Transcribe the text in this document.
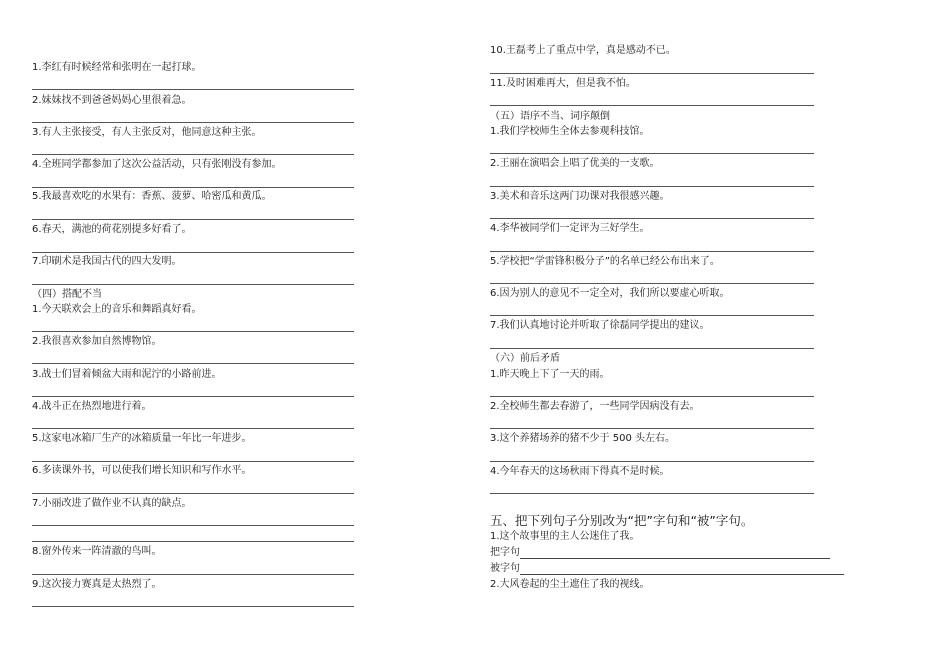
1.李红有时候经常和张明在一起打球。
2.妹妹找不到爸爸妈妈心里很着急。
3.有人主张接受，有人主张反对，他同意这种主张。
4.全班同学都参加了这次公益活动，只有张刚没有参加。
5.我最喜欢吃的水果有：香蕉、菠萝、哈密瓜和黄瓜。
6.春天，满池的荷花别提多好看了。
7.印刷术是我国古代的四大发明。
（四）搭配不当
1.今天联欢会上的音乐和舞蹈真好看。
2.我很喜欢参加自然博物馆。
3.战士们冒着倾盆大雨和泥泞的小路前进。
4.战斗正在热烈地进行着。
5.这家电冰箱厂生产的冰箱质量一年比一年进步。
6.多读课外书，可以使我们增长知识和写作水平。
7.小丽改进了做作业不认真的缺点。
8.窗外传来一阵清澈的鸟叫。
9.这次接力赛真是太热烈了。
10.王磊考上了重点中学，真是感动不已。
11.及时困难再大，但是我不怕。
（五）语序不当、词序颠倒
1.我们学校师生全体去参观科技馆。
2.王丽在演唱会上唱了优美的一支歌。
3.美术和音乐这两门功课对我很感兴趣。
4.李华被同学们一定评为三好学生。
5.学校把“学雷锋积极分子”的名单已经公布出来了。
6.因为别人的意见不一定全对，我们所以要虚心听取。
7.我们认真地讨论并听取了徐磊同学提出的建议。
（六）前后矛盾
1.昨天晚上下了一天的雨。
2.全校师生都去春游了，一些同学因病没有去。
3.这个养猪场养的猪不少于 500 头左右。
4.今年春天的这场秋雨下得真不是时候。
五、把下列句子分别改为“把”字句和“被”字句。
1.这个故事里的主人公迷住了我。
把字句
被字句
2.大风卷起的尘土遮住了我的视线。
